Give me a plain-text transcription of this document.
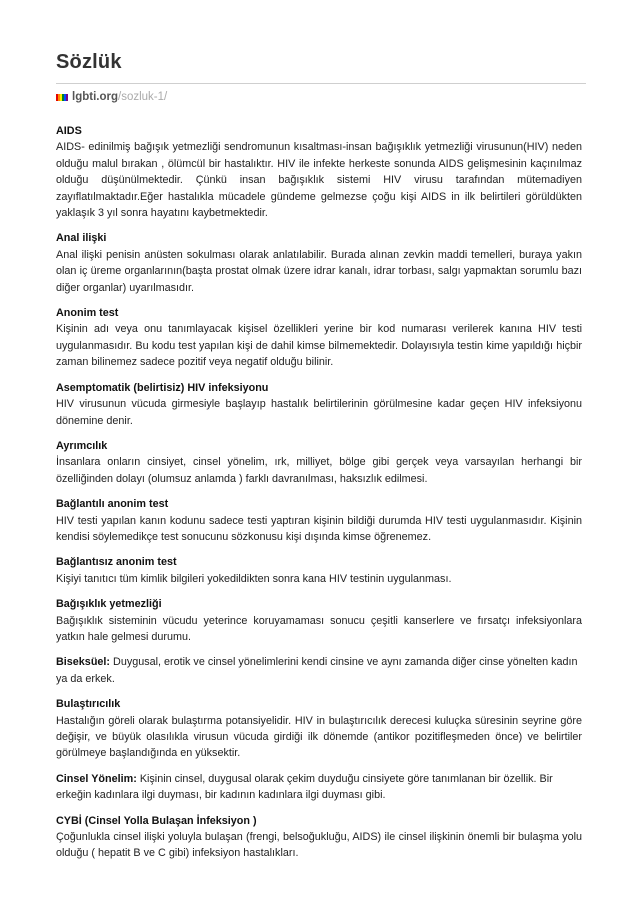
Sözlük
lgbti.org /sozluk-1/
AIDS
AIDS- edinilmiş bağışık yetmezliği sendromunun kısaltması-insan bağışıklık yetmezliği virusunun(HIV) neden olduğu malul bırakan , ölümcül bir hastalıktır. HIV ile infekte herkeste sonunda AIDS gelişmesinin kaçınılmaz olduğu düşünülmektedir. Çünkü insan bağışıklık sistemi HIV virusu tarafından mütemadiyen zayıflatılmaktadır.Eğer hastalıkla mücadele gündeme gelmezse çoğu kişi AIDS in ilk belirtileri görüldükten yaklaşık 3 yıl sonra hayatını kaybetmektedir.
Anal ilişki
Anal ilişki penisin anüsten sokulması olarak anlatılabilir. Burada alınan zevkin maddi temelleri, buraya yakın olan iç üreme organlarının(başta prostat olmak üzere idrar kanalı, idrar torbası, salgı yapmaktan sorumlu bazı diğer organlar) uyarılmasıdır.
Anonim test
Kişinin adı veya onu tanımlayacak kişisel özellikleri yerine bir kod numarası verilerek kanına HIV testi uygulanmasıdır. Bu kodu test yapılan kişi de dahil kimse bilmemektedir. Dolayısıyla testin kime yapıldığı hiçbir zaman bilinemez sadece pozitif veya negatif olduğu bilinir.
Asemptomatik (belirtisiz) HIV infeksiyonu
HIV virusunun vücuda girmesiyle başlayıp hastalık belirtilerinin görülmesine kadar geçen HIV infeksiyonu dönemine denir.
Ayrımcılık
İnsanlara onların cinsiyet, cinsel yönelim, ırk, milliyet, bölge gibi gerçek veya varsayılan herhangi bir özelliğinden dolayı (olumsuz anlamda ) farklı davranılması, haksızlık edilmesi.
Bağlantılı anonim test
HIV testi yapılan kanın kodunu sadece testi yaptıran kişinin bildiği durumda HIV testi uygulanmasıdır. Kişinin kendisi söylemedikçe test sonucunu sözkonusu kişi dışında kimse öğrenemez.
Bağlantısız anonim test
Kişiyi tanıtıcı tüm kimlik bilgileri yokedildikten sonra kana HIV testinin uygulanması.
Bağışıklık yetmezliği
Bağışıklık sisteminin vücudu yeterince koruyamaması sonucu çeşitli kanserlere ve fırsatçı infeksiyonlara yatkın hale gelmesi durumu.
Biseksüel: Duygusal, erotik ve cinsel yönelimlerini kendi cinsine ve aynı zamanda diğer cinse yönelten kadın ya da erkek.
Bulaştırıcılık
Hastalığın göreli olarak bulaştırma potansiyelidir. HIV in bulaştırıcılık derecesi kuluçka süresinin seyrine göre değişir, ve büyük olasılıkla virusun vücuda girdiği ilk dönemde (antikor pozitifleşmeden önce) ve belirtiler görülmeye başlandığında en yüksektir.
Cinsel Yönelim: Kişinin cinsel, duygusal olarak çekim duyduğu cinsiyete göre tanımlanan bir özellik. Bir erkeğin kadınlara ilgi duyması, bir kadının kadınlara ilgi duyması gibi.
CYBİ (Cinsel Yolla Bulaşan İnfeksiyon )
Çoğunlukla cinsel ilişki yoluyla bulaşan (frengi, belsoğukluğu, AIDS) ile cinsel ilişkinin önemli bir bulaşma yolu olduğu ( hepatit B ve C gibi) infeksiyon hastalıkları.
